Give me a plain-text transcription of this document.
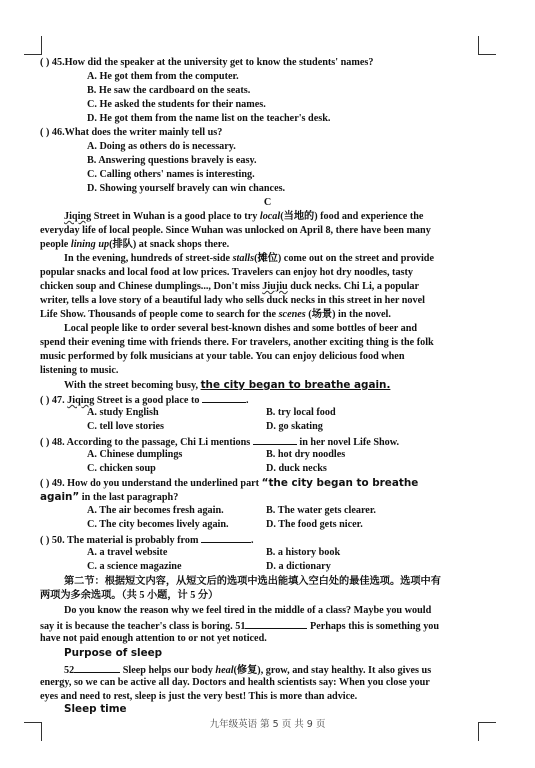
( ) 45.How did the speaker at the university get to know the students' names?
A. He got them from the computer.
B. He saw the cardboard on the seats.
C. He asked the students for their names.
D. He got them from the name list on the teacher's desk.
( ) 46.What does the writer mainly tell us?
A. Doing as others do is necessary.
B. Answering questions bravely is easy.
C. Calling others' names is interesting.
D. Showing yourself bravely can win chances.
C
Jiqing Street in Wuhan is a good place to try local(当地的) food and experience the
everyday life of local people. Since Wuhan was unlocked on April 8, there have been many
people lining up(排队) at snack shops there.
In the evening, hundreds of street-side stalls(摊位) come out on the street and provide
popular snacks and local food at low prices. Travelers can enjoy hot dry noodles, tasty
chicken soup and Chinese dumplings..., Don't miss Jiujiu duck necks. Chi Li, a popular
writer, tells a love story of a beautiful lady who sells duck necks in this street in her novel
Life Show. Thousands of people come to search for the scenes (场景) in the novel.
Local people like to order several best-known dishes and some bottles of beer and
spend their evening time with friends there. For travelers, another exciting thing is the folk
music performed by folk musicians at your table. You can enjoy delicious food when
listening to music.
With the street becoming busy, the city began to breathe again.
( ) 47. Jiqing Street is a good place to	.
A. study English	B. try local food
C. tell love stories	D. go skating
( ) 48. According to the passage, Chi Li mentions	in her novel Life Show.
A. Chinese dumplings	B. hot dry noodles
C. chicken soup	D. duck necks
( ) 49. How do you understand the underlined part “the city began to breathe
again” in the last paragraph?
A. The air becomes fresh again.	B. The water gets clearer.
C. The city becomes lively again.	D. The food gets nicer.
( ) 50. The material is probably from	.
A. a travel website	B. a history book
C. a science magazine	D. a dictionary
第二节：根据短文内容，从短文后的选项中选出能填入空白处的最佳选项。选项中有
两项为多余选项。（共 5 小题，计 5 分）
Do you know the reason why we feel tired in the middle of a class? Maybe you would
say it is because the teacher's class is boring. 51	Perhaps this is something you
have not paid enough attention to or not yet noticed.
Purpose of sleep
52	Sleep helps our body heal(修复), grow, and stay healthy. It also gives us
energy, so we can be active all day. Doctors and health scientists say: When you close your
eyes and need to rest, sleep is just the very best! This is more than advice.
Sleep time
九年级英语 第 5 页 共 9 页
